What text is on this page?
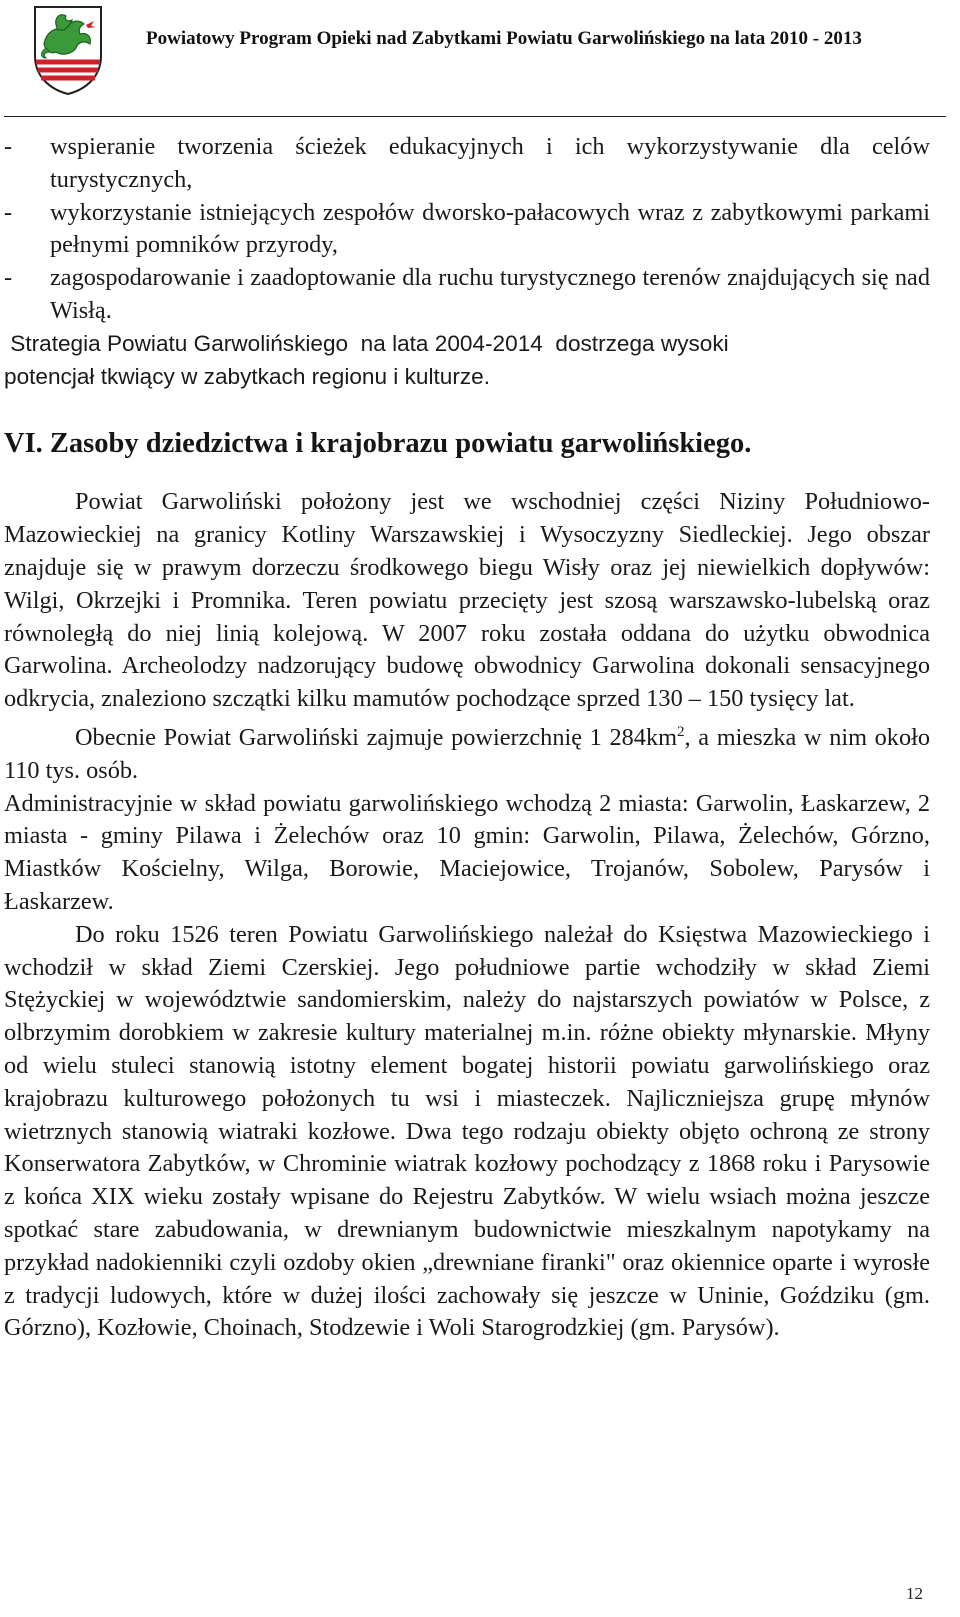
Powiatowy Program Opieki nad Zabytkami Powiatu Garwolińskiego na lata 2010 - 2013
-	wspieranie tworzenia ścieżek edukacyjnych i ich wykorzystywanie dla celów turystycznych,
-	wykorzystanie istniejących zespołów dworsko-pałacowych wraz z zabytkowymi parkami pełnymi pomników przyrody,
-	zagospodarowanie i zaadoptowanie dla ruchu turystycznego terenów znajdujących się nad Wisłą.

Strategia Powiatu Garwolińskiego  na lata 2004-2014  dostrzega wysoki

potencjał tkwiący w zabytkach regionu i kulturze.

VI. Zasoby dziedzictwa i krajobrazu powiatu garwolińskiego.

Powiat Garwoliński położony jest we wschodniej części Niziny Południowo-Mazowieckiej na granicy Kotliny Warszawskiej i Wysoczyzny Siedleckiej. Jego obszar znajduje się w prawym dorzeczu środkowego biegu Wisły oraz jej niewielkich dopływów: Wilgi, Okrzejki i Promnika. Teren powiatu przecięty jest szosą warszawsko-lubelską oraz równoległą do niej linią kolejową. W 2007 roku została oddana do użytku obwodnica Garwolina. Archeolodzy nadzorujący budowę obwodnicy Garwolina dokonali sensacyjnego odkrycia, znaleziono szczątki kilku mamutów pochodzące sprzed 130 – 150 tysięcy lat.

Obecnie Powiat Garwoliński zajmuje powierzchnię 1 $284km^2$, a mieszka w nim około 110 tys. osób.

Administracyjnie w skład powiatu garwolińskiego wchodzą 2 miasta: Garwolin, Łaskarzew, 2 miasta - gminy Pilawa i Żelechów oraz 10 gmin: Garwolin, Pilawa, Żelechów, Górzno, Miastków Kościelny, Wilga, Borowie, Maciejowice, Trojanów, Sobolew, Parysów i Łaskarzew.

Do roku 1526 teren Powiatu Garwolińskiego należał do Księstwa Mazowieckiego i wchodził w skład Ziemi Czerskiej. Jego południowe partie wchodziły w skład Ziemi Stężyckiej w województwie sandomierskim, należy do najstarszych powiatów w Polsce, z olbrzymim dorobkiem w zakresie kultury materialnej m.in. różne obiekty młynarskie. Młyny od wielu stuleci stanowią istotny element bogatej historii powiatu garwolińskiego oraz krajobrazu kulturowego położonych tu wsi i miasteczek. Najliczniejsza grupę młynów wietrznych stanowią wiatraki kozłowe. Dwa tego rodzaju obiekty objęto ochroną ze strony Konserwatora Zabytków, w Chrominie wiatrak kozłowy pochodzący z 1868 roku i Parysowie z końca XIX wieku zostały wpisane do Rejestru Zabytków. W wielu wsiach można jeszcze spotkać stare zabudowania, w drewnianym budownictwie mieszkalnym napotykamy na przykład nadokienniki czyli ozdoby okien „drewniane firanki" oraz okiennice oparte i wyrosłe z tradycji ludowych, które w dużej ilości zachowały się jeszcze w Uninie, Goździku (gm. Górzno), Kozłowie, Choinach, Stodzewie i Woli Starogrodzkiej (gm. Parysów).

12
